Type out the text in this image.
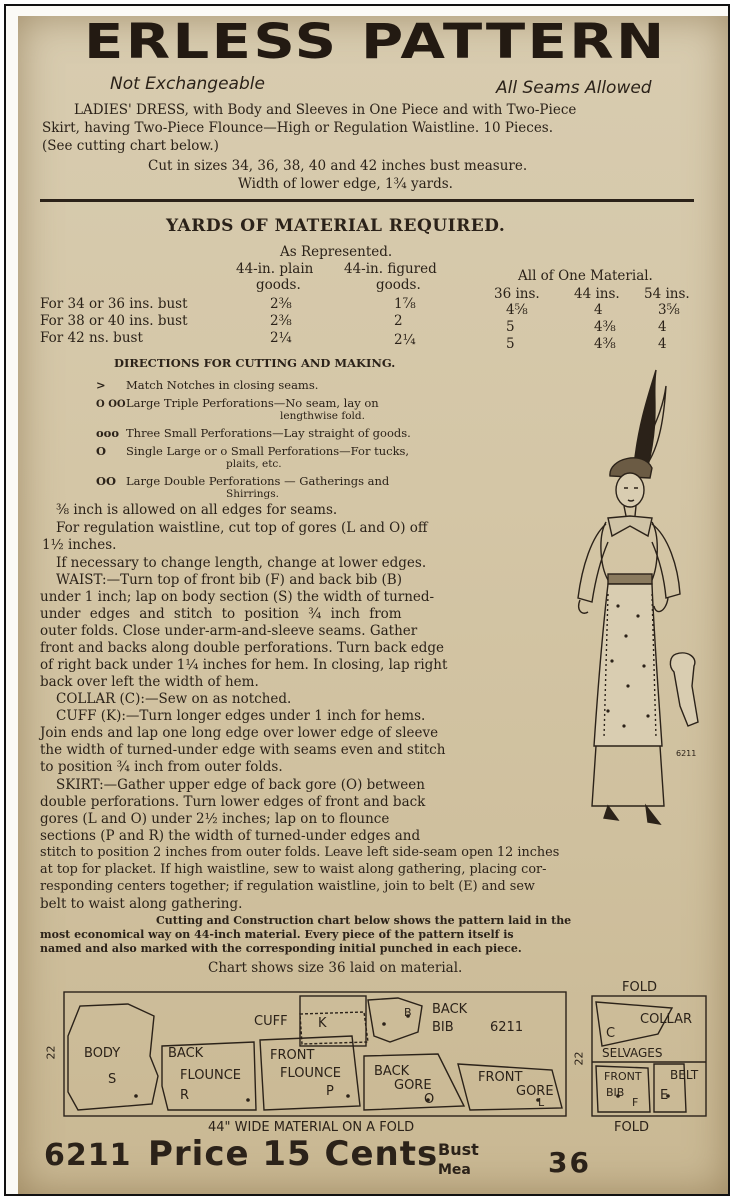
ERLESS PATTERN
Not Exchangeable	All Seams Allowed
LADIES' DRESS, with Body and Sleeves in One Piece and with Two-Piece
Skirt, having Two-Piece Flounce—High or Regulation Waistline. 10 Pieces.
(See cutting chart below.)
Cut in sizes 34, 36, 38, 40 and 42 inches bust measure.
Width of lower edge, 1¾ yards.
YARDS OF MATERIAL REQUIRED.
As Represented.
44-in. plain
goods.
44-in. figured
goods.
All of One Material.
36 ins.	44 ins. 54 ins.
For 34 or 36 ins. bust	2⅜	1⅞	4⅝	4	3⅝
For 38 or 40 ins. bust	2⅜	2	5	4⅜	4
For 42 ns. bust	2¼	2¼	5	4⅜	4
DIRECTIONS FOR CUTTING AND MAKING.
> Match Notches in closing seams.
O OOLarge Triple Perforations—No seam, lay on
lengthwise fold.
ooo Three Small Perforations—Lay straight of goods.
O Single Large or o Small Perforations—For tucks,
plaits, etc.
OO Large Double Perforations — Gatherings and
Shirrings.
⅜ inch is allowed on all edges for seams.
For regulation waistline, cut top of gores (L and O) off
1½ inches.
If necessary to change length, change at lower edges.
WAIST:—Turn top of front bib (F) and back bib (B)
under 1 inch; lap on body section (S) the width of turned-
under edges and stitch to position ¾ inch from
outer folds. Close under-arm-and-sleeve seams. Gather
front and backs along double perforations. Turn back edge
of right back under 1¼ inches for hem. In closing, lap right
back over left the width of hem.
COLLAR (C):—Sew on as notched.
CUFF (K):—Turn longer edges under 1 inch for hems.
Join ends and lap one long edge over lower edge of sleeve
the width of turned-under edge with seams even and stitch
to position ¾ inch from outer folds.
SKIRT:—Gather upper edge of back gore (O) between
double perforations. Turn lower edges of front and back
gores (L and O) under 2½ inches; lap on to flounce
sections (P and R) the width of turned-under edges and
stitch to position 2 inches from outer folds. Leave left side-seam open 12 inches
at top for placket. If high waistline, sew to waist along gathering, placing cor-
responding centers together; if regulation waistline, join to belt (E) and sew
belt to waist along gathering.
Cutting and Construction chart below shows the pattern laid in the
most economical way on 44-inch material. Every piece of the pattern itself is
named and also marked with the corresponding initial punched in each piece.
Chart shows size 36 laid on material.
6211
22 BODY
S
BACK
FLOUNCE
R
FRONT
FLOUNCE
P
BACK
GORE
O
FRONT
GORE
L
CUFF K
B BACK
BIB	6211
44" WIDE MATERIAL ON A FOLD
FOLD
22
C
COLLAR
SELVAGES
FRONT
BIB
F
BELT
E
FOLD
6211 Price 15 Cents Bust
Mea	36
